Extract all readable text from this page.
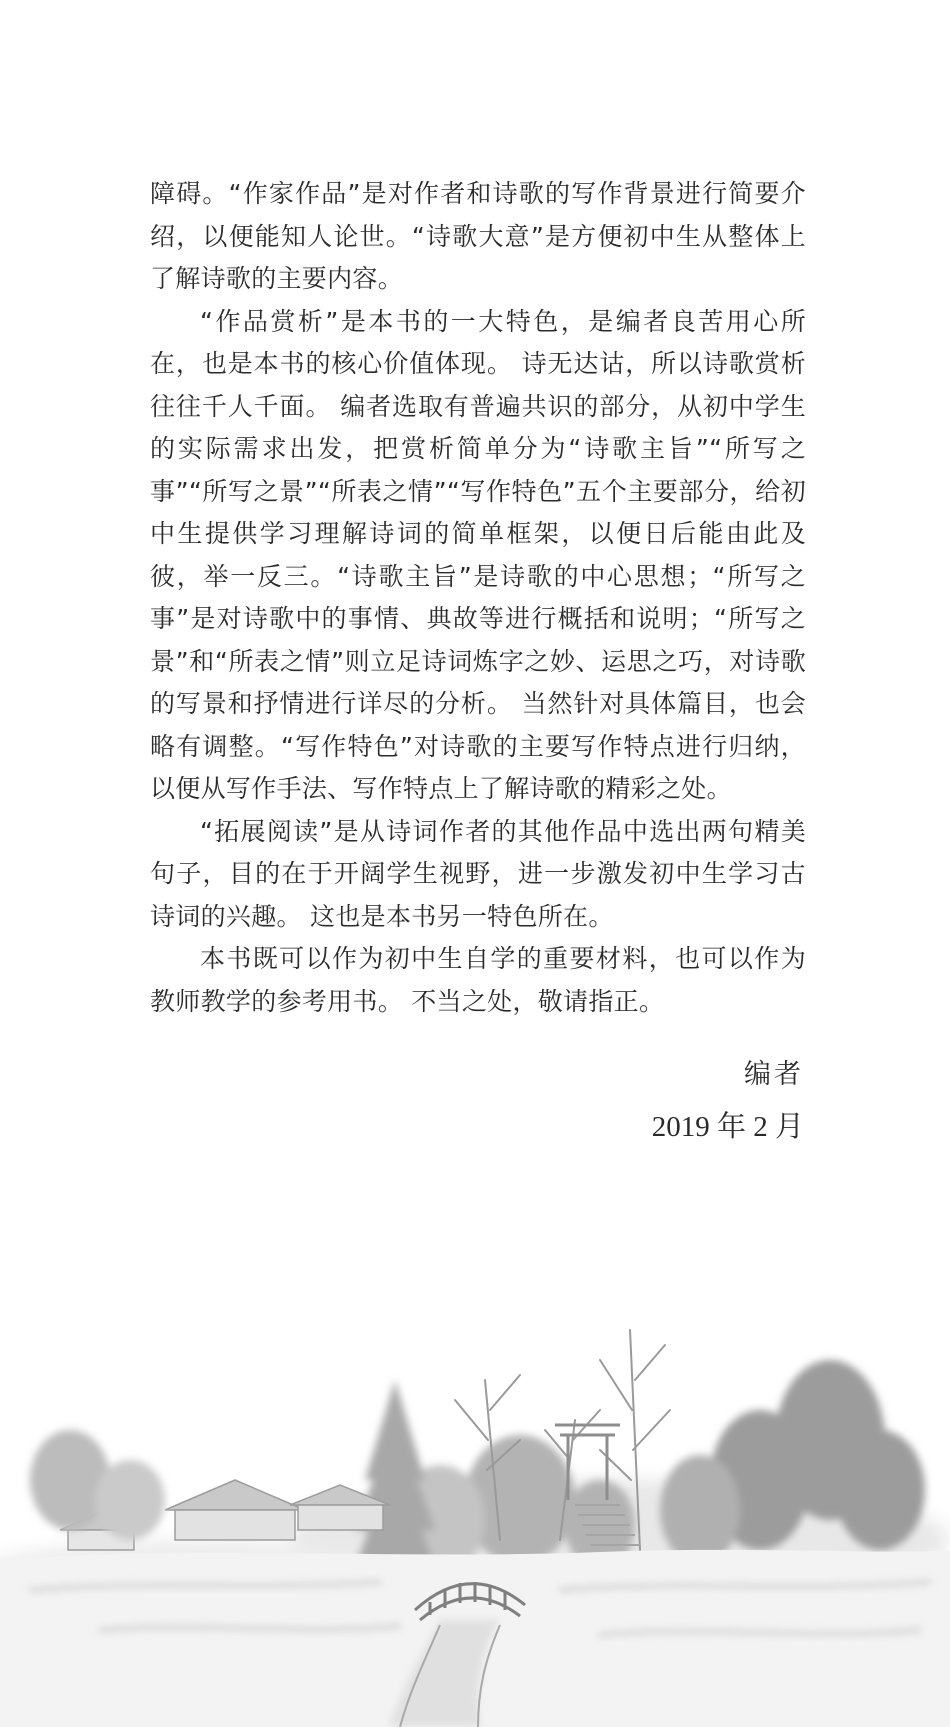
障碍。“作家作品”是对作者和诗歌的写作背景进行简要介绍，以便能知人论世。“诗歌大意”是方便初中生从整体上了解诗歌的主要内容。

“作品赏析”是本书的一大特色，是编者良苦用心所在，也是本书的核心价值体现。 诗无达诂，所以诗歌赏析往往千人千面。 编者选取有普遍共识的部分，从初中学生的实际需求出发，把赏析简单分为“诗歌主旨”“所写之事”“所写之景”“所表之情”“写作特色”五个主要部分，给初中生提供学习理解诗词的简单框架，以便日后能由此及彼，举一反三。“诗歌主旨”是诗歌的中心思想；“所写之事”是对诗歌中的事情、典故等进行概括和说明；“所写之景”和“所表之情”则立足诗词炼字之妙、运思之巧，对诗歌的写景和抒情进行详尽的分析。 当然针对具体篇目，也会略有调整。“写作特色”对诗歌的主要写作特点进行归纳，以便从写作手法、写作特点上了解诗歌的精彩之处。

“拓展阅读”是从诗词作者的其他作品中选出两句精美句子，目的在于开阔学生视野，进一步激发初中生学习古诗词的兴趣。 这也是本书另一特色所在。

本书既可以作为初中生自学的重要材料，也可以作为教师教学的参考用书。 不当之处，敬请指正。

编者
2019 年 2 月
